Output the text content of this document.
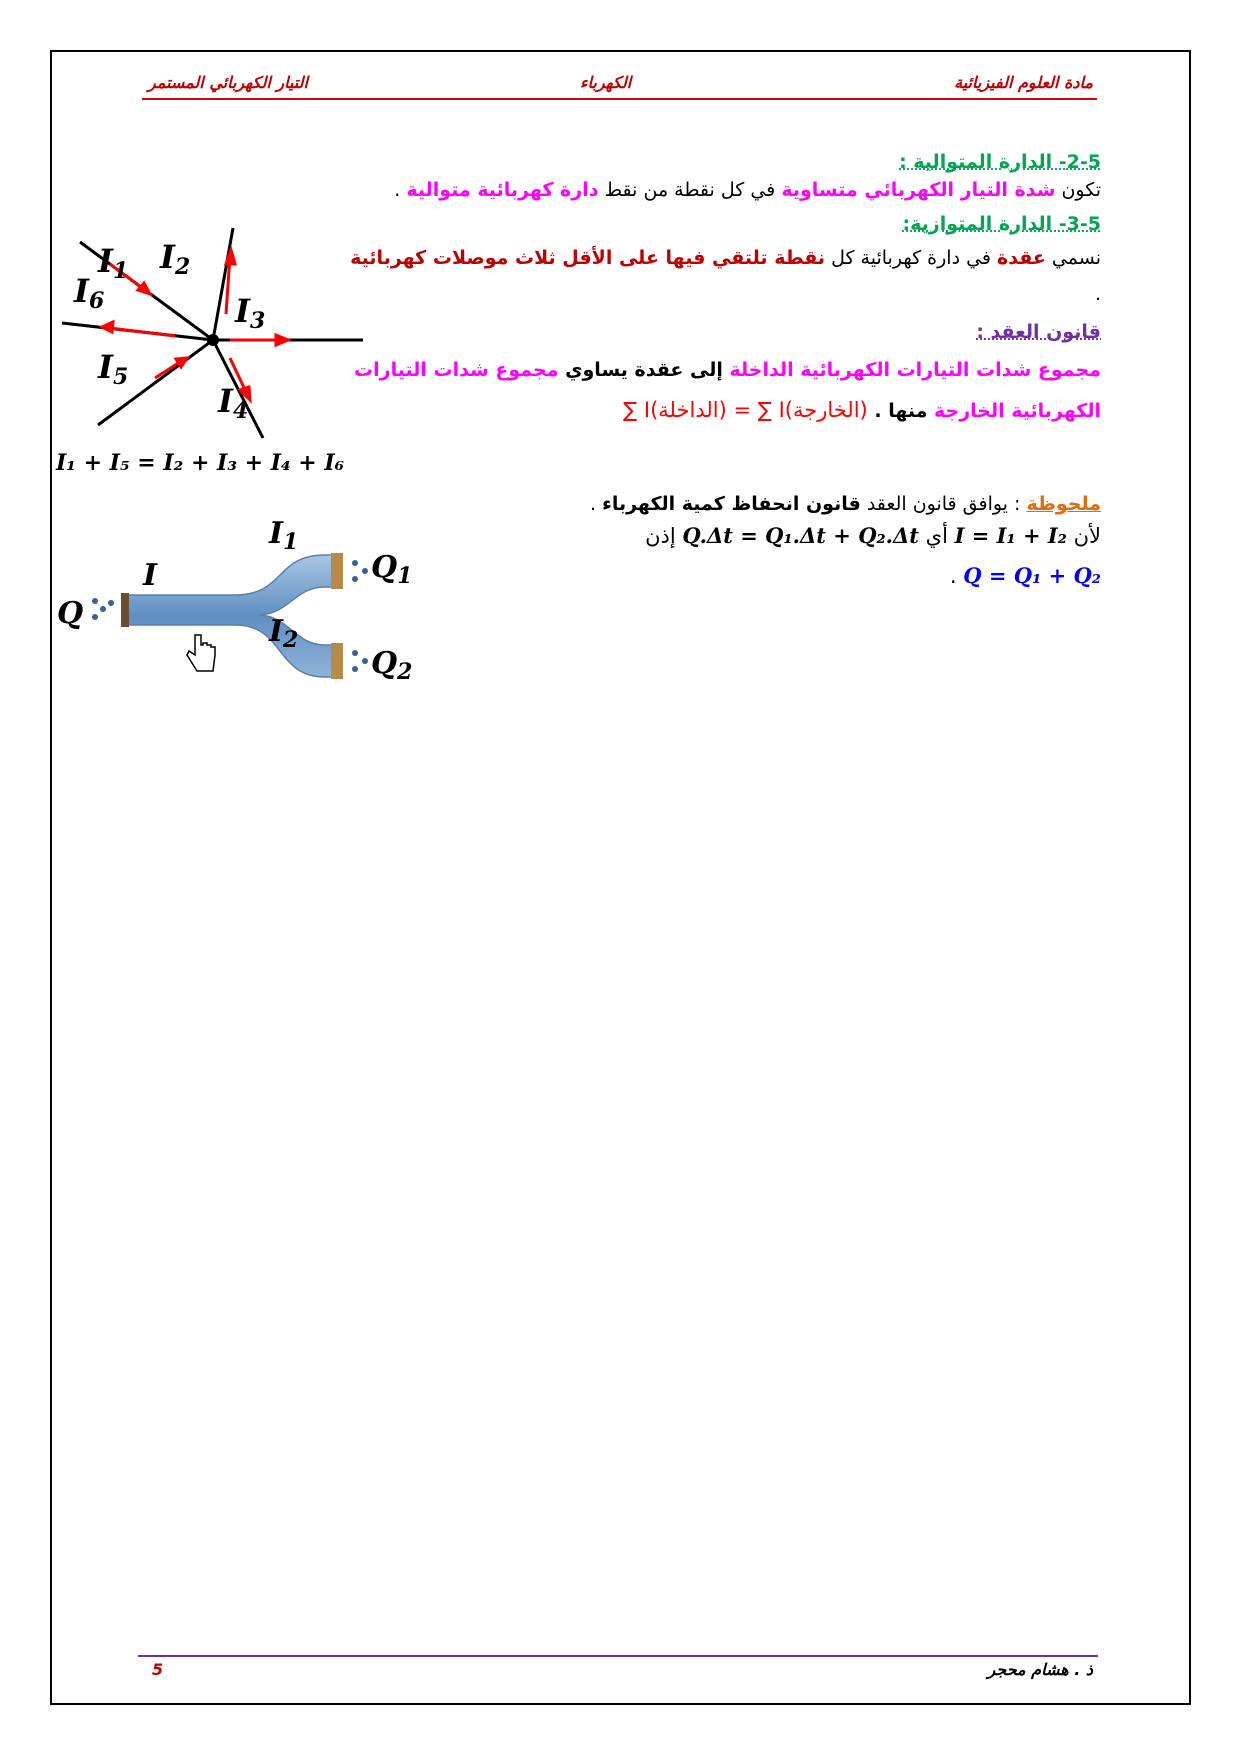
مادة العلوم الفيزيائية
الكهرباء
التيار الكهربائي المستمر
2-5- الدارة المتوالية :
تكون شدة التيار الكهربائي متساوية في كل نقطة من نقط دارة كهربائية متوالية .
3-5- الدارة المتوازية:
نسمي عقدة في دارة كهربائية كل نقطة تلتقي فيها على الأقل ثلاث موصلات كهربائية .
قانون العقد :
مجموع شدات التيارات الكهربائية الداخلة إلى عقدة يساوي مجموع شدات التيارات الكهربائية الخارجة منها . ∑ I(الداخلة) = ∑ I(الخارجة)
ملحوظة : يوافق قانون العقد قانون انحفاظ كمية الكهرباء .
لأن I = I₁ + I₂ أي Q.Δt = Q₁.Δt + Q₂.Δt إذن
Q = Q₁ + Q₂ .
I1 I2
I3
I4
I5
I6
I₁ + I₅ = I₂ + I₃ + I₄ + I₆
I
$I_1$
$I_2$
Q
$Q_1$
$Q_2$
5	ذ . هشام محجر
